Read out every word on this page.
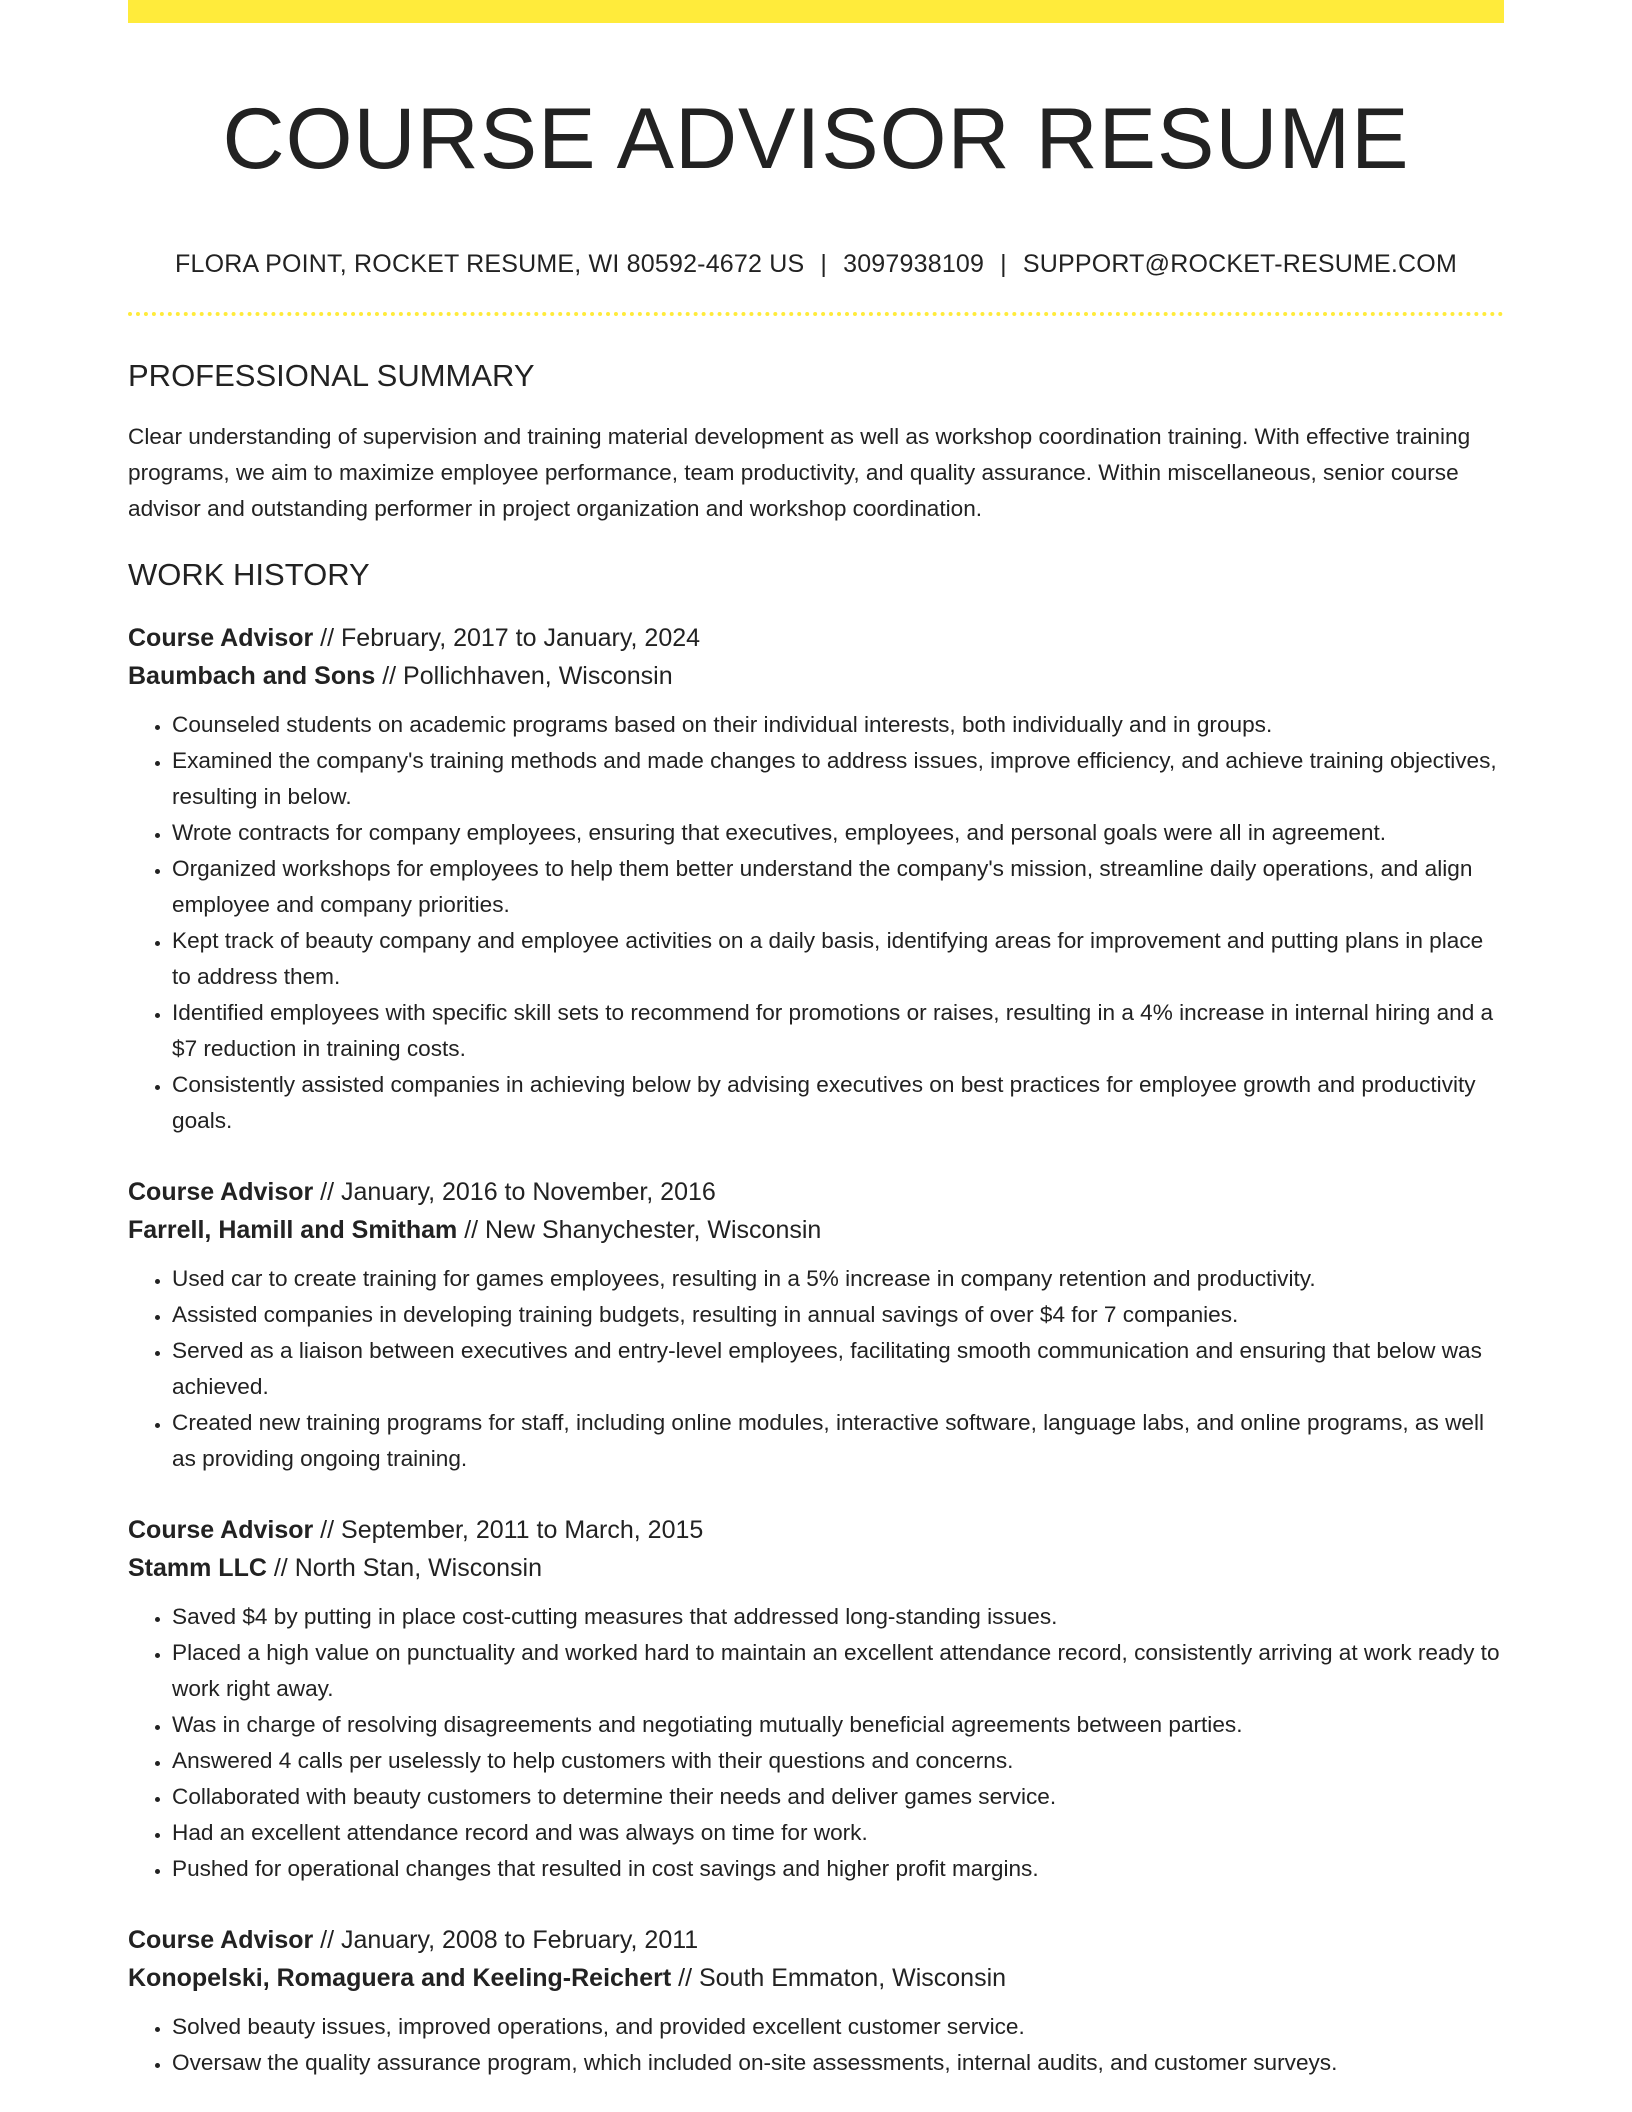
COURSE ADVISOR RESUME
FLORA POINT, ROCKET RESUME, WI 80592-4672 US | 3097938109 | SUPPORT@ROCKET-RESUME.COM
PROFESSIONAL SUMMARY
Clear understanding of supervision and training material development as well as workshop coordination training. With effective training programs, we aim to maximize employee performance, team productivity, and quality assurance. Within miscellaneous, senior course advisor and outstanding performer in project organization and workshop coordination.
WORK HISTORY
Course Advisor // February, 2017 to January, 2024
Baumbach and Sons // Pollichhaven, Wisconsin
• Counseled students on academic programs based on their individual interests, both individually and in groups.
• Examined the company's training methods and made changes to address issues, improve efficiency, and achieve training objectives, resulting in below.
• Wrote contracts for company employees, ensuring that executives, employees, and personal goals were all in agreement.
• Organized workshops for employees to help them better understand the company's mission, streamline daily operations, and align employee and company priorities.
• Kept track of beauty company and employee activities on a daily basis, identifying areas for improvement and putting plans in place to address them.
• Identified employees with specific skill sets to recommend for promotions or raises, resulting in a 4% increase in internal hiring and a $7 reduction in training costs.
• Consistently assisted companies in achieving below by advising executives on best practices for employee growth and productivity goals.
Course Advisor // January, 2016 to November, 2016
Farrell, Hamill and Smitham // New Shanychester, Wisconsin
• Used car to create training for games employees, resulting in a 5% increase in company retention and productivity.
• Assisted companies in developing training budgets, resulting in annual savings of over $4 for 7 companies.
• Served as a liaison between executives and entry-level employees, facilitating smooth communication and ensuring that below was achieved.
• Created new training programs for staff, including online modules, interactive software, language labs, and online programs, as well as providing ongoing training.
Course Advisor // September, 2011 to March, 2015
Stamm LLC // North Stan, Wisconsin
• Saved $4 by putting in place cost-cutting measures that addressed long-standing issues.
• Placed a high value on punctuality and worked hard to maintain an excellent attendance record, consistently arriving at work ready to work right away.
• Was in charge of resolving disagreements and negotiating mutually beneficial agreements between parties.
• Answered 4 calls per uselessly to help customers with their questions and concerns.
• Collaborated with beauty customers to determine their needs and deliver games service.
• Had an excellent attendance record and was always on time for work.
• Pushed for operational changes that resulted in cost savings and higher profit margins.
Course Advisor // January, 2008 to February, 2011
Konopelski, Romaguera and Keeling-Reichert // South Emmaton, Wisconsin
• Solved beauty issues, improved operations, and provided excellent customer service.
• Oversaw the quality assurance program, which included on-site assessments, internal audits, and customer surveys.
